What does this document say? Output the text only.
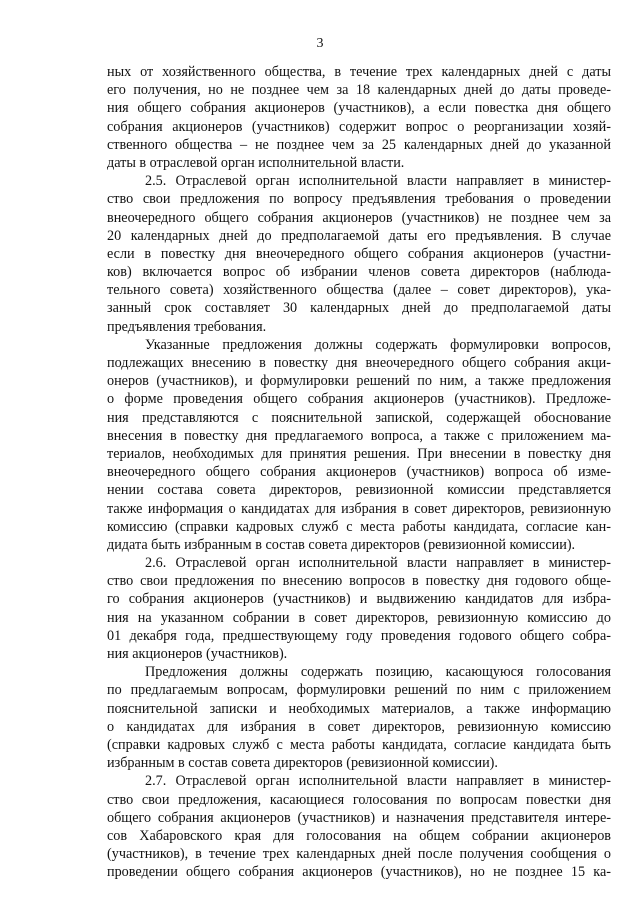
3
ных от хозяйственного общества, в течение трех календарных дней с даты
его получения, но не позднее чем за 18 календарных дней до даты проведе-
ния общего собрания акционеров (участников), а если повестка дня общего
собрания акционеров (участников) содержит вопрос о реорганизации хозяй-
ственного общества – не позднее чем за 25 календарных дней до указанной
даты в отраслевой орган исполнительной власти.
2.5. Отраслевой орган исполнительной власти направляет в министер-
ство свои предложения по вопросу предъявления требования о проведении
внеочередного общего собрания акционеров (участников) не позднее чем за
20 календарных дней до предполагаемой даты его предъявления. В случае
если в повестку дня внеочередного общего собрания акционеров (участни-
ков) включается вопрос об избрании членов совета директоров (наблюда-
тельного совета) хозяйственного общества (далее – совет директоров), ука-
занный срок составляет 30 календарных дней до предполагаемой даты
предъявления требования.
Указанные предложения должны содержать формулировки вопросов,
подлежащих внесению в повестку дня внеочередного общего собрания акци-
онеров (участников), и формулировки решений по ним, а также предложения
о форме проведения общего собрания акционеров (участников). Предложе-
ния представляются с пояснительной запиской, содержащей обоснование
внесения в повестку дня предлагаемого вопроса, а также с приложением ма-
териалов, необходимых для принятия решения. При внесении в повестку дня
внеочередного общего собрания акционеров (участников) вопроса об изме-
нении состава совета директоров, ревизионной комиссии представляется
также информация о кандидатах для избрания в совет директоров, ревизионную
комиссию (справки кадровых служб с места работы кандидата, согласие кан-
дидата быть избранным в состав совета директоров (ревизионной комиссии).
2.6. Отраслевой орган исполнительной власти направляет в министер-
ство свои предложения по внесению вопросов в повестку дня годового обще-
го собрания акционеров (участников) и выдвижению кандидатов для избра-
ния на указанном собрании в совет директоров, ревизионную комиссию до
01 декабря года, предшествующему году проведения годового общего собра-
ния акционеров (участников).
Предложения должны содержать позицию, касающуюся голосования
по предлагаемым вопросам, формулировки решений по ним с приложением
пояснительной записки и необходимых материалов, а также информацию
о кандидатах для избрания в совет директоров, ревизионную комиссию
(справки кадровых служб с места работы кандидата, согласие кандидата быть
избранным в состав совета директоров (ревизионной комиссии).
2.7. Отраслевой орган исполнительной власти направляет в министер-
ство свои предложения, касающиеся голосования по вопросам повестки дня
общего собрания акционеров (участников) и назначения представителя интере-
сов Хабаровского края для голосования на общем собрании акционеров
(участников), в течение трех календарных дней после получения сообщения о
проведении общего собрания акционеров (участников), но не позднее 15 ка-
